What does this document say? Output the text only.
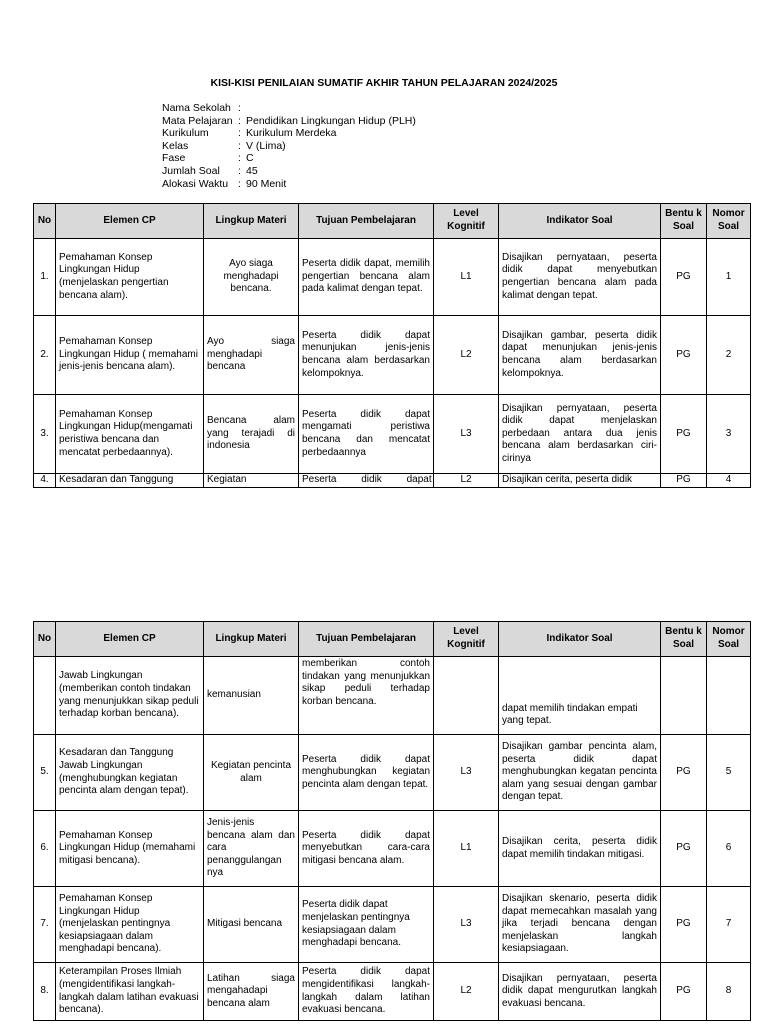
KISI-KISI PENILAIAN SUMATIF AKHIR TAHUN PELAJARAN 2024/2025
Nama Sekolah :
Mata Pelajaran : Pendidikan Lingkungan Hidup (PLH)
Kurikulum	: Kurikulum Merdeka
Kelas	: V (Lima)
Fase	: C
Jumlah Soal	: 45
Alokasi Waktu : 90 Menit
No	Elemen CP	Lingkup Materi	Tujuan Pembelajaran	Level Kognitif	Indikator Soal	Bentu k Soal	Nomor Soal
1.	Pemahaman Konsep Lingkungan Hidup (menjelaskan pengertian bencana alam).	Ayo siaga menghadapi bencana.	Peserta didik dapat, memilih pengertian bencana alam pada kalimat dengan tepat.	L1	Disajikan pernyataan, peserta didik dapat menyebutkan pengertian bencana alam pada kalimat dengan tepat.	PG	1
2.	Pemahaman Konsep Lingkungan Hidup ( memahami jenis-jenis bencana alam).	Ayo siaga menghadapi bencana	Peserta didik dapat menunjukan jenis-jenis bencana alam berdasarkan kelompoknya.	L2	Disajikan gambar, peserta didik dapat menunjukan jenis-jenis bencana alam berdasarkan kelompoknya.	PG	2
3.	Pemahaman Konsep Lingkungan Hidup(mengamati peristiwa bencana dan mencatat perbedaannya).	Bencana alam yang terajadi di indonesia	Peserta didik dapat mengamati peristiwa bencana dan mencatat perbedaannya	L3	Disajikan pernyataan, peserta didik dapat menjelaskan perbedaan antara dua jenis bencana alam berdasarkan ciri-cirinya	PG	3
4.	Kesadaran dan Tanggung	Kegiatan	Peserta didik dapat	L2	Disajikan cerita, peserta didik	PG	4
No	Elemen CP	Lingkup Materi	Tujuan Pembelajaran	Level Kognitif	Indikator Soal	Bentu k Soal	Nomor Soal
	Jawab Lingkungan (memberikan contoh tindakan yang menunjukkan sikap peduli terhadap korban bencana).	kemanusian	memberikan contoh tindakan yang menunjukkan sikap peduli terhadap korban bencana.		dapat memilih tindakan empati yang tepat.		
5.	Kesadaran dan Tanggung Jawab Lingkungan (menghubungkan kegiatan pencinta alam dengan tepat).	Kegiatan pencinta alam	Peserta didik dapat menghubungkan kegiatan pencinta alam dengan tepat.	L3	Disajikan gambar pencinta alam, peserta didik dapat menghubungkan kegatan pencinta alam yang sesuai dengan gambar dengan tepat.	PG	5
6.	Pemahaman Konsep Lingkungan Hidup (memahami mitigasi bencana).	Jenis-jenis bencana alam dan cara penanggulangan nya	Peserta didik dapat menyebutkan cara-cara mitigasi bencana alam.	L1	Disajikan cerita, peserta didik dapat memilih tindakan mitigasi.	PG	6
7.	Pemahaman Konsep Lingkungan Hidup (menjelaskan pentingnya kesiapsiagaan dalam menghadapi bencana).	Mitigasi bencana	Peserta didik dapat menjelaskan pentingnya kesiapsiagaan dalam menghadapi bencana.	L3	Disajikan skenario, peserta didik dapat memecahkan masalah yang jika terjadi bencana dengan menjelaskan langkah kesiapsiagaan.	PG	7
8.	Keterampilan Proses Ilmiah (mengidentifikasi langkah-langkah dalam latihan evakuasi bencana).	Latihan siaga mengahadapi bencana alam	Peserta didik dapat mengidentifikasi langkah-langkah dalam latihan evakuasi bencana.	L2	Disajikan pernyataan, peserta didik dapat mengurutkan langkah evakuasi bencana.	PG	8
